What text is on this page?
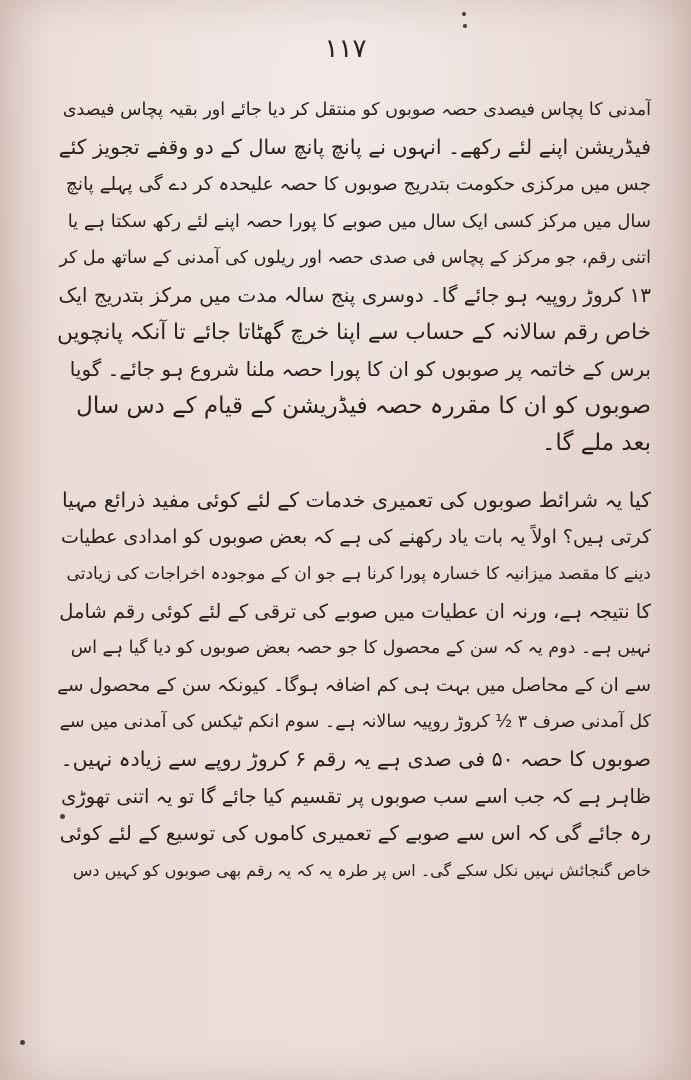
۱۱۷
آمدنی کا پچاس فیصدی حصہ صوبوں کو منتقل کر دیا جائے اور بقیہ پچاس فیصدی
فیڈریشن اپنے لئے رکھے۔ انہوں نے پانچ پانچ سال کے دو وقفے تجویز کئے
جس میں مرکزی حکومت بتدریج صوبوں کا حصہ علیحدہ کر دے گی پہلے پانچ
سال میں مرکز کسی ایک سال میں صوبے کا پورا حصہ اپنے لئے رکھ سکتا ہے یا
اتنی رقم، جو مرکز کے پچاس فی صدی حصہ اور ریلوں کی آمدنی کے ساتھ مل کر
۱۳ کروڑ روپیہ ہو جائے گا۔ دوسری پنج سالہ مدت میں مرکز بتدریج ایک
خاص رقم سالانہ کے حساب سے اپنا خرچ گھٹاتا جائے تا آنکہ پانچویں
برس کے خاتمہ پر صوبوں کو ان کا پورا حصہ ملنا شروع ہو جائے۔ گویا
صوبوں کو ان کا مقررہ حصہ فیڈریشن کے قیام کے دس سال
بعد ملے گا۔
کیا یہ شرائط صوبوں کی تعمیری خدمات کے لئے کوئی مفید ذرائع مہیا
کرتی ہیں؟ اولاً یہ بات یاد رکھنے کی ہے کہ بعض صوبوں کو امدادی عطیات
دینے کا مقصد میزانیہ کا خسارہ پورا کرنا ہے جو ان کے موجودہ اخراجات کی زیادتی
کا نتیجہ ہے، ورنہ ان عطیات میں صوبے کی ترقی کے لئے کوئی رقم شامل
نہیں ہے۔ دوم یہ کہ سن کے محصول کا جو حصہ بعض صوبوں کو دیا گیا ہے اس
سے ان کے محاصل میں بہت ہی کم اضافہ ہوگا۔ کیونکہ سن کے محصول سے
کل آمدنی صرف ۳ ½ کروڑ روپیہ سالانہ ہے۔ سوم انکم ٹیکس کی آمدنی میں سے
صوبوں کا حصہ ۵۰ فی صدی ہے یہ رقم ۶ کروڑ روپے سے زیادہ نہیں۔
ظاہر ہے کہ جب اسے سب صوبوں پر تقسیم کیا جائے گا تو یہ اتنی تھوڑی
رہ جائے گی کہ اس سے صوبے کے تعمیری کاموں کی توسیع کے لئے کوئی
خاص گنجائش نہیں نکل سکے گی۔ اس پر طرہ یہ کہ یہ رقم بھی صوبوں کو کہیں دس
